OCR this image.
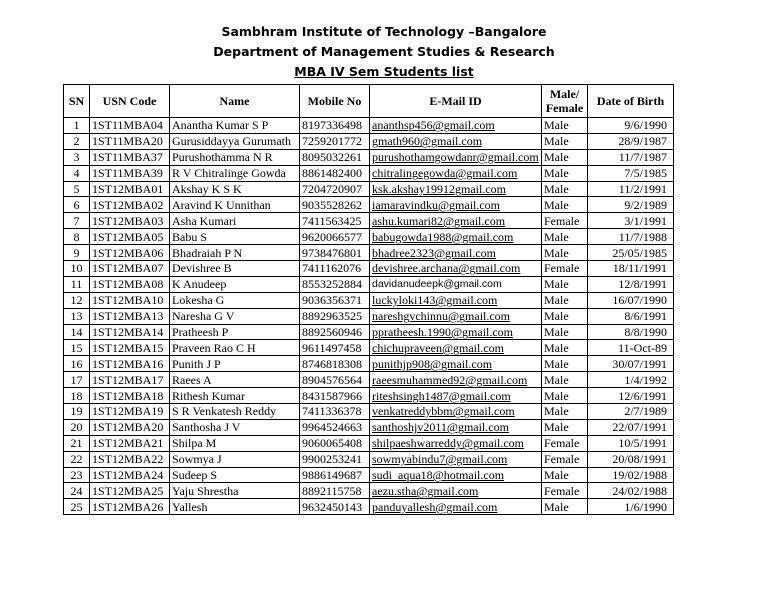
Sambhram Institute of Technology –Bangalore
Department of Management Studies & Research
MBA IV Sem Students list
SN	USN Code	Name	Mobile No	E-Mail ID	Male/ Female	Date of Birth
1	1ST11MBA04	Anantha Kumar S P	8197336498	ananthsp456@gmail.com	Male	9/6/1990
2	1ST11MBA20	Gurusiddayya Gurumath	7259201772	gmath960@gmail.com	Male	28/9/1987
3	1ST11MBA37	Purushothamma N R	8095032261	purushothamgowdanr@gmail.com	Male	11/7/1987
4	1ST11MBA39	R V Chitralinge Gowda	8861482400	chitralingegowda@gmail.com	Male	7/5/1985
5	1ST12MBA01	Akshay K S K	7204720907	ksk.akshay19912gmail.com	Male	11/2/1991
6	1ST12MBA02	Aravind K Unnithan	9035528262	iamaravindku@gmail.com	Male	9/2/1989
7	1ST12MBA03	Asha Kumari	7411563425	ashu.kumari82@gmail.com	Female	3/1/1991
8	1ST12MBA05	Babu S	9620066577	babugowda1988@gmail.com	Male	11/7/1988
9	1ST12MBA06	Bhadraiah P N	9738476801	bhadree2323@gmail.com	Male	25/05/1985
10	1ST12MBA07	Devishree B	7411162076	devishree.archana@gmail.com	Female	18/11/1991
11	1ST12MBA08	K Anudeep	8553252884	davidanudeepk@gmail.com	Male	12/8/1991
12	1ST12MBA10	Lokesha G	9036356371	luckyloki143@gmail.com	Male	16/07/1990
13	1ST12MBA13	Naresha G V	8892963525	nareshgvchinnu@gmail.com	Male	8/6/1991
14	1ST12MBA14	Pratheesh P	8892560946	ppratheesh.1990@gmail.com	Male	8/8/1990
15	1ST12MBA15	Praveen Rao C H	9611497458	chichupraveen@gmail.com	Male	11-Oct-89
16	1ST12MBA16	Punith J P	8746818308	punithjp908@gmail.com	Male	30/07/1991
17	1ST12MBA17	Raees A	8904576564	raeesmuhammed92@gmail.com	Male	1/4/1992
18	1ST12MBA18	Rithesh Kumar	8431587966	riteshsingh1487@gmail.com	Male	12/6/1991
19	1ST12MBA19	S R Venkatesh Reddy	7411336378	venkatreddybbm@gmail.com	Male	2/7/1989
20	1ST12MBA20	Santhosha J V	9964524663	santhoshjv2011@gmail.com	Male	22/07/1991
21	1ST12MBA21	Shilpa M	9060065408	shilpaeshwarreddy@gmail.com	Female	10/5/1991
22	1ST12MBA22	Sowmya J	9900253241	sowmyabindu7@gmail.com	Female	20/08/1991
23	1ST12MBA24	Sudeep S	9886149687	sudi_aqua18@hotmail.com	Male	19/02/1988
24	1ST12MBA25	Yaju Shrestha	8892115758	aezu.stha@gmail.com	Female	24/02/1988
25	1ST12MBA26	Yallesh	9632450143	panduyallesh@gmail.com	Male	1/6/1990
